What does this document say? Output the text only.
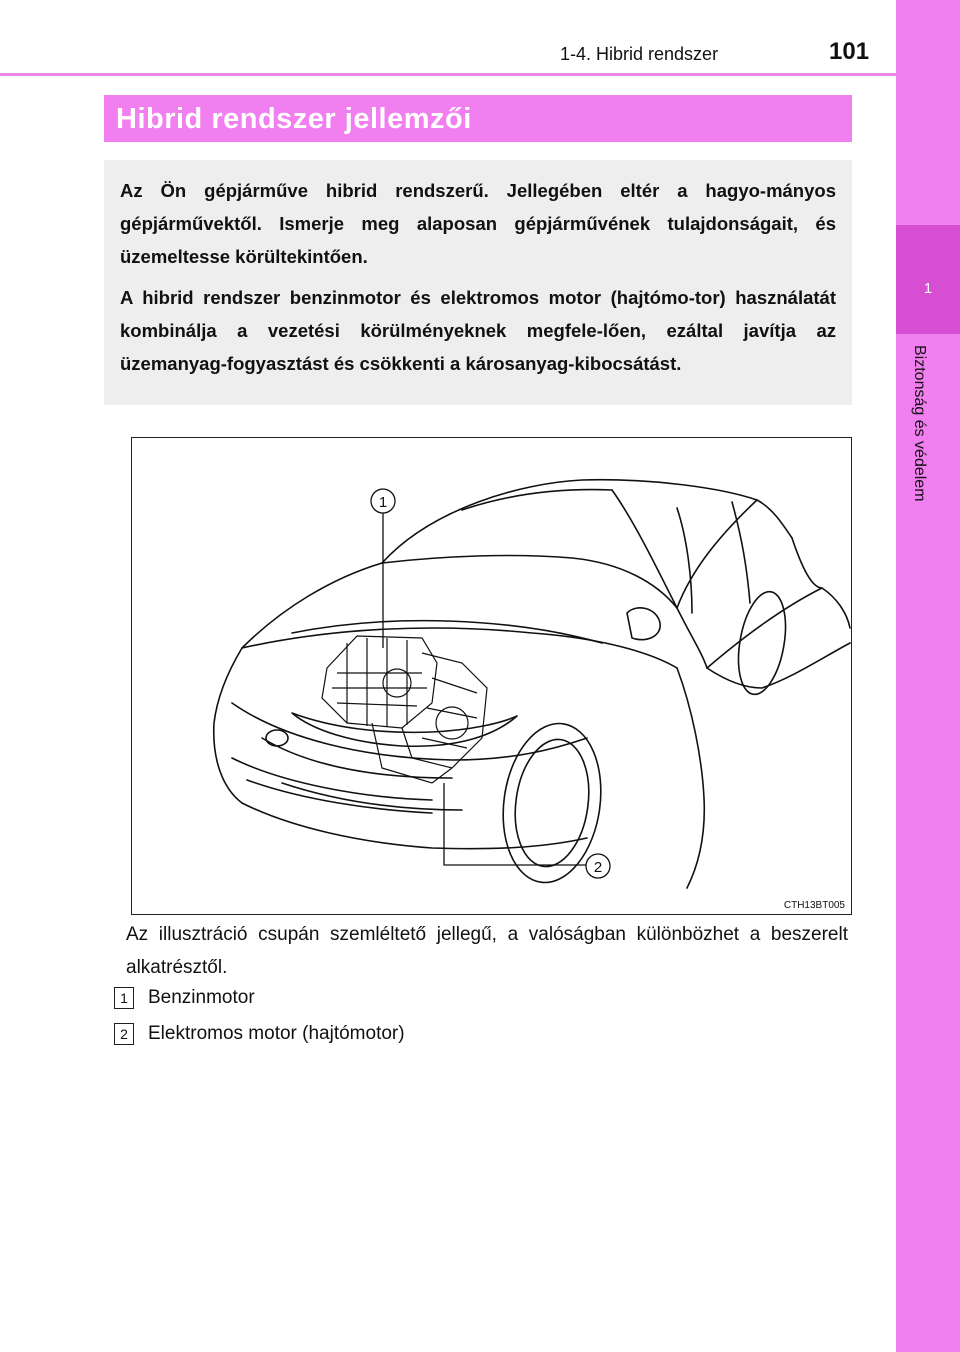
1-4. Hibrid rendszer	101
1
Biztonság és védelem
Hibrid rendszer jellemzői

Az Ön gépjárműve hibrid rendszerű. Jellegében eltér a hagyo-mányos gépjárművektől. Ismerje meg alaposan gépjárművének tulajdonságait, és üzemeltesse körültekintően.

A hibrid rendszer benzinmotor és elektromos motor (hajtómo-tor) használatát kombinálja a vezetési körülményeknek megfele-lően, ezáltal javítja az üzemanyag-fogyasztást és csökkenti a károsanyag-kibocsátást.

1
2
CTH13BT005
Az illusztráció csupán szemléltető jellegű, a valóságban különbözhet a beszerelt alkatrésztől.
1 Benzinmotor
2 Elektromos motor (hajtómotor)
